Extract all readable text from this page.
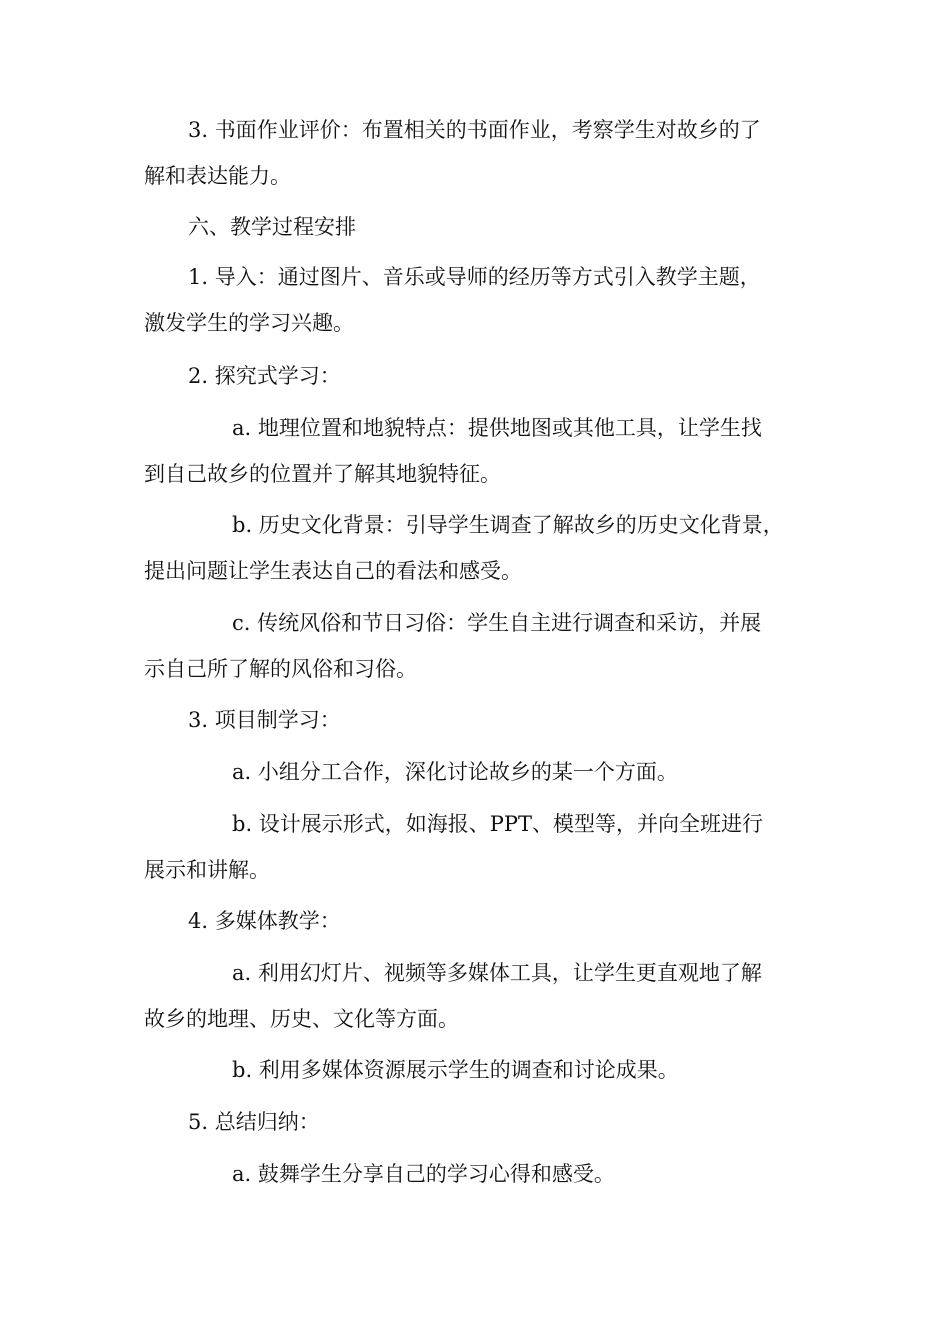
3. 书面作业评价：布置相关的书面作业，考察学生对故乡的了
解和表达能力。

六、教学过程安排

1. 导入：通过图片、音乐或导师的经历等方式引入教学主题，
激发学生的学习兴趣。

2. 探究式学习：

a. 地理位置和地貌特点：提供地图或其他工具，让学生找
到自己故乡的位置并了解其地貌特征。

b. 历史文化背景：引导学生调查了解故乡的历史文化背景，
提出问题让学生表达自己的看法和感受。

c. 传统风俗和节日习俗：学生自主进行调查和采访，并展
示自己所了解的风俗和习俗。

3. 项目制学习：

a. 小组分工合作，深化讨论故乡的某一个方面。

b. 设计展示形式，如海报、PPT、模型等，并向全班进行
展示和讲解。

4. 多媒体教学：

a. 利用幻灯片、视频等多媒体工具，让学生更直观地了解
故乡的地理、历史、文化等方面。

b. 利用多媒体资源展示学生的调查和讨论成果。

5. 总结归纳：

a. 鼓舞学生分享自己的学习心得和感受。
